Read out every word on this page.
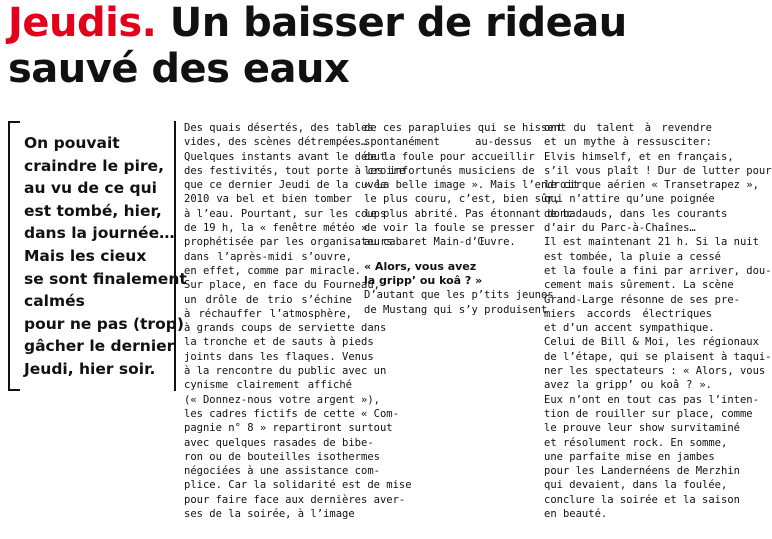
Jeudis. Un baisser de rideau
sauvé des eaux
On pouvait
craindre le pire,
au vu de ce qui
est tombé, hier,
dans la journée…
Mais les cieux
se sont finalement
calmés
pour ne pas (trop)
gâcher le dernier
Jeudi, hier soir.
Des quais désertés, des tables
vides, des scènes détrempées…
Quelques instants avant le début
des festivités, tout porte à croire
que ce dernier Jeudi de la cuvée
2010 va bel et bien tomber
à l’eau. Pourtant, sur les coups
de 19 h, la « fenêtre météo »
prophétisée par les organisateurs
dans l’après-midi s’ouvre,
en effet, comme par miracle.
Sur place, en face du Fourneau,
un drôle de trio s’échine
à réchauffer l’atmosphère,
à grands coups de serviette dans
la tronche et de sauts à pieds
joints dans les flaques. Venus
à la rencontre du public avec un
cynisme clairement affiché
(« Donnez-nous votre argent »),
les cadres fictifs de cette « Com-
pagnie n° 8 » repartiront surtout
avec quelques rasades de bibe-
ron ou de bouteilles isothermes
négociées à une assistance com-
plice. Car la solidarité est de mise
pour faire face aux dernières aver-
ses de la soirée, à l’image
de ces parapluies qui se hissent
spontanément au-dessus
de la foule pour accueillir
les infortunés musiciens de
« La belle image ». Mais l’endroit
le plus couru, c’est, bien sûr,
le plus abrité. Pas étonnant donc
de voir la foule se presser
au cabaret Main-d’Œuvre.
« Alors, vous avez
la gripp’ ou koâ ? »
D’autant que les p’tits jeunes
de Mustang qui s’y produisent
ont du talent à revendre
et un mythe à ressusciter:
Elvis himself, et en français,
s’il vous plaît ! Dur de lutter pour
le cirque aérien « Transetrapez »,
qui n’attire qu’une poignée
de badauds, dans les courants
d’air du Parc-à-Chaînes…
Il est maintenant 21 h. Si la nuit
est tombée, la pluie a cessé
et la foule a fini par arriver, dou-
cement mais sûrement. La scène
Grand-Large résonne de ses pre-
miers accords électriques
et d’un accent sympathique.
Celui de Bill & Moi, les régionaux
de l’étape, qui se plaisent à taqui-
ner les spectateurs : « Alors, vous
avez la gripp’ ou koâ ? ».
Eux n’ont en tout cas pas l’inten-
tion de rouiller sur place, comme
le prouve leur show survitaminé
et résolument rock. En somme,
une parfaite mise en jambes
pour les Landernéens de Merzhin
qui devaient, dans la foulée,
conclure la soirée et la saison
en beauté.
